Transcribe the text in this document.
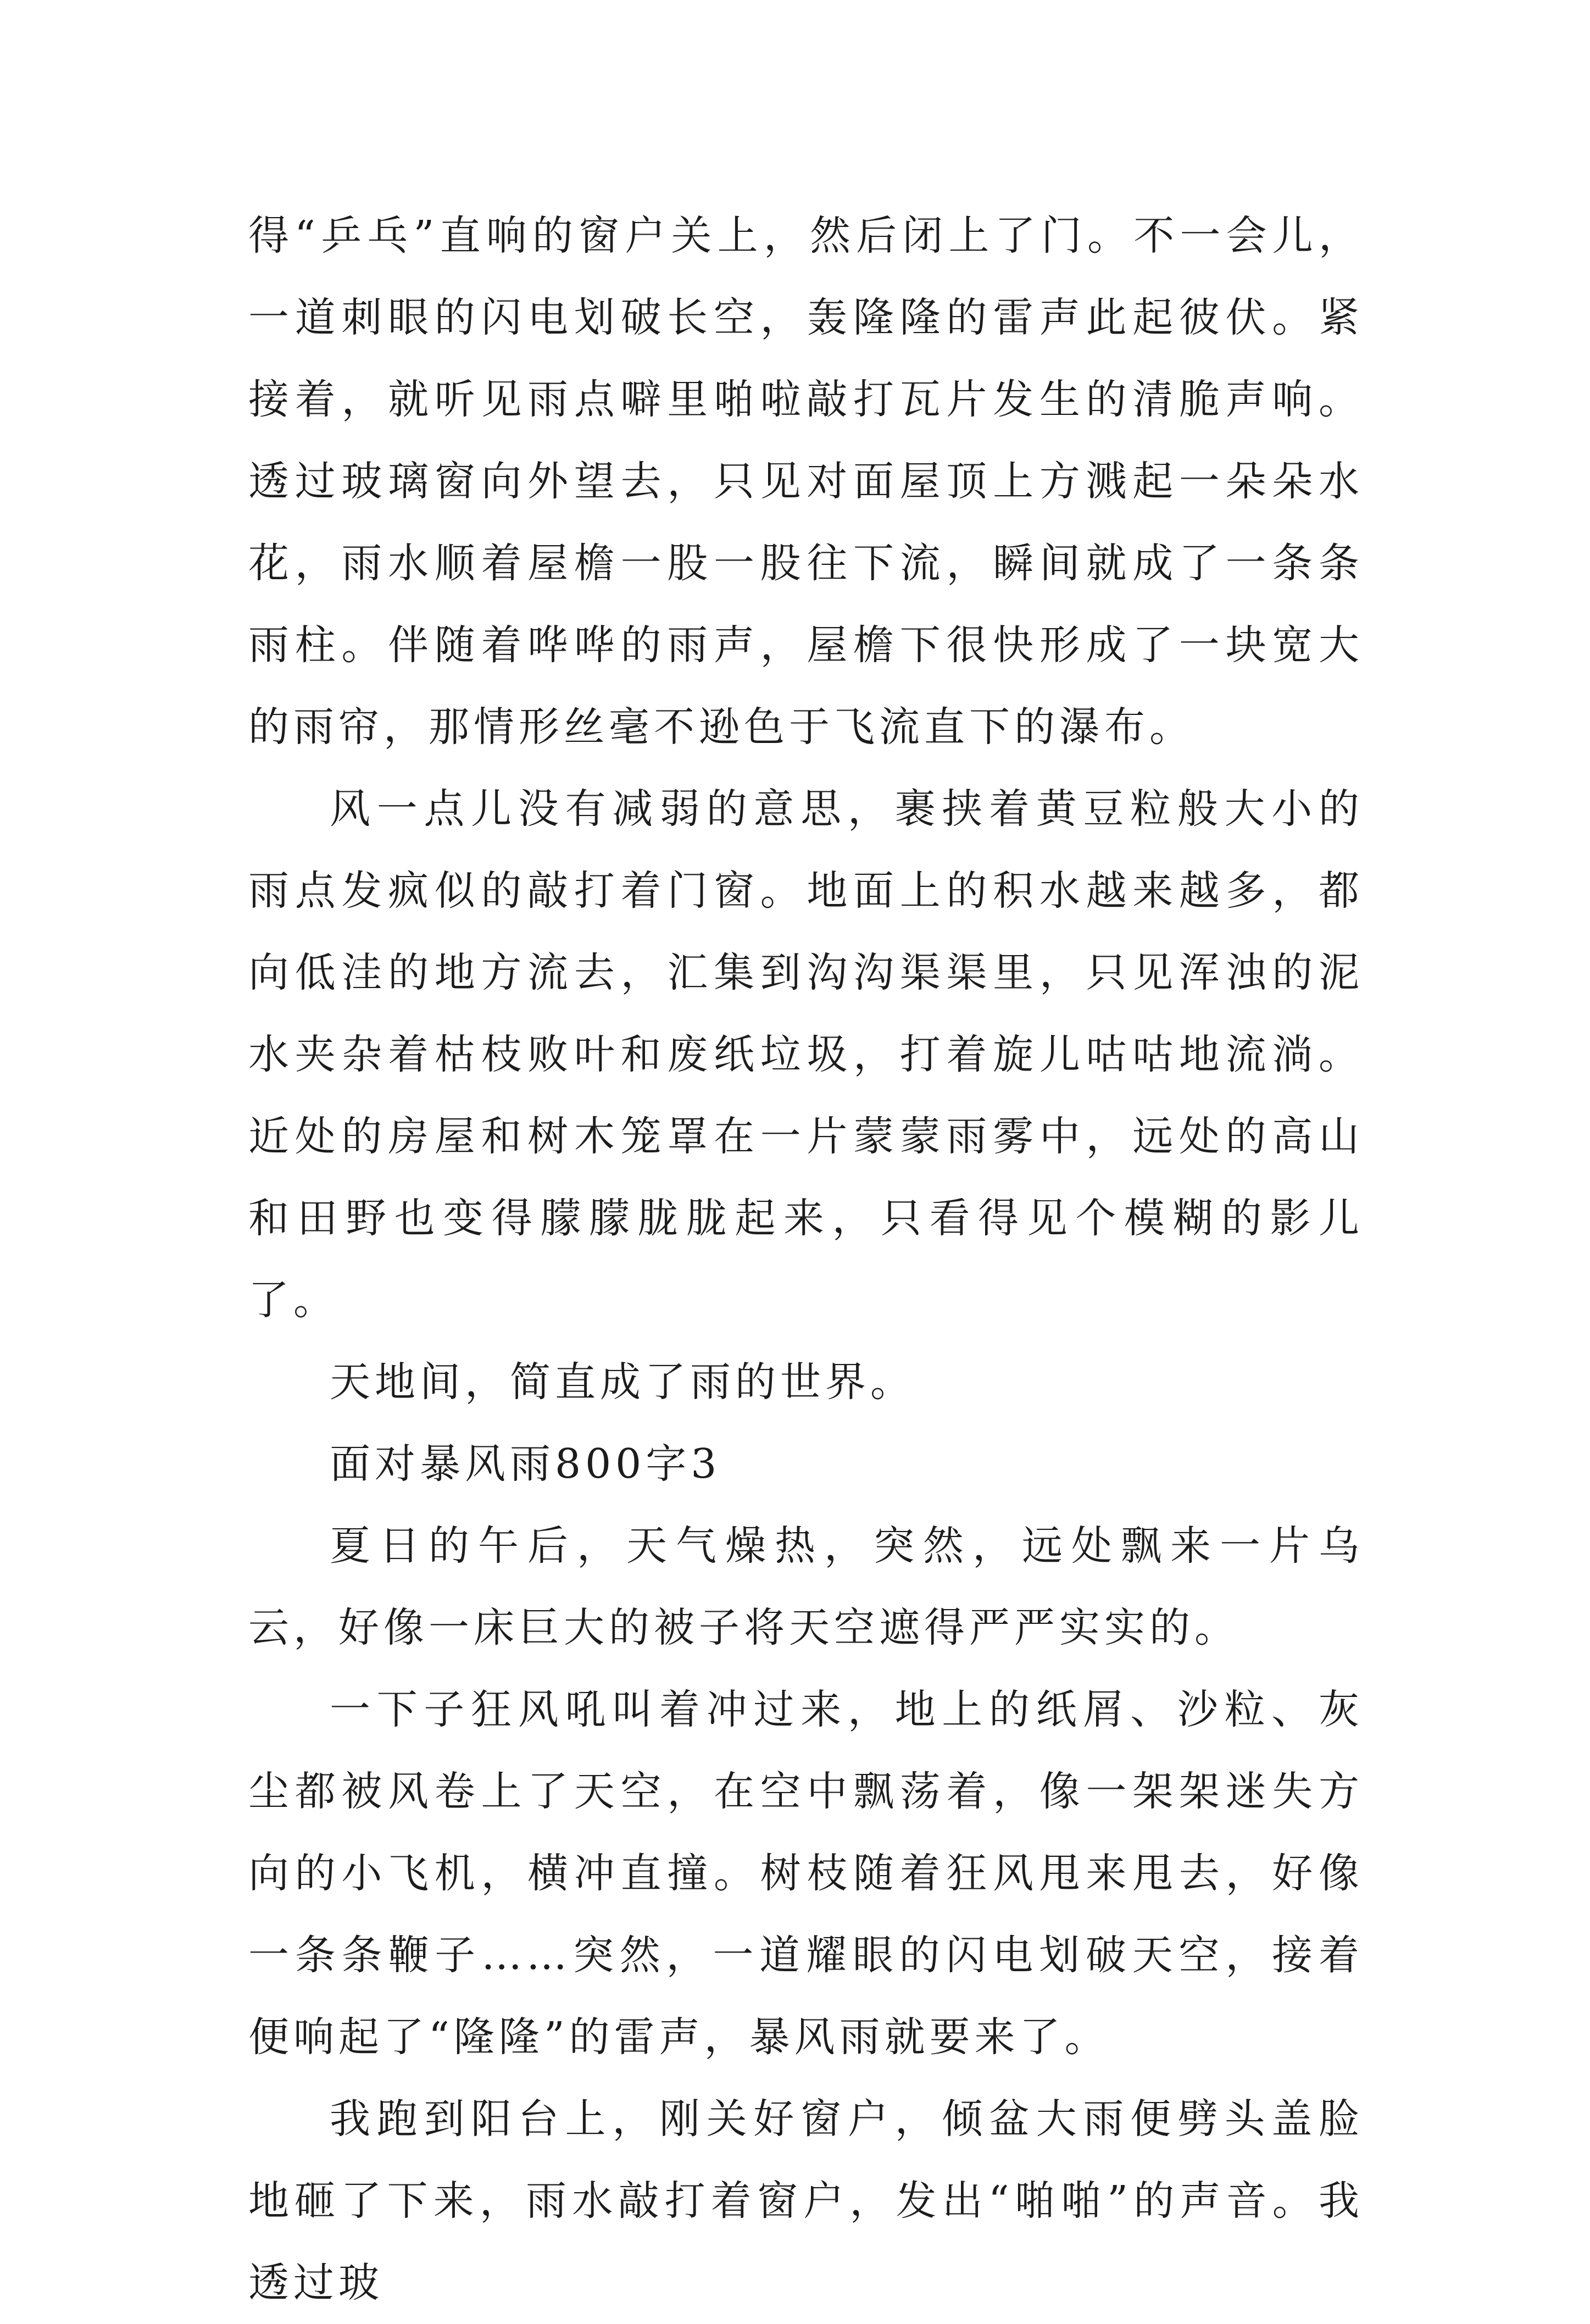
得“乒乓”直响的窗户关上，然后闭上了门。不一会儿，一道刺眼的闪电划破长空，轰隆隆的雷声此起彼伏。紧接着，就听见雨点噼里啪啦敲打瓦片发生的清脆声响。透过玻璃窗向外望去，只见对面屋顶上方溅起一朵朵水花，雨水顺着屋檐一股一股往下流，瞬间就成了一条条雨柱。伴随着哗哗的雨声，屋檐下很快形成了一块宽大的雨帘，那情形丝毫不逊色于飞流直下的瀑布。

风一点儿没有减弱的意思，裹挟着黄豆粒般大小的雨点发疯似的敲打着门窗。地面上的积水越来越多，都向低洼的地方流去，汇集到沟沟渠渠里，只见浑浊的泥水夹杂着枯枝败叶和废纸垃圾，打着旋儿咕咕地流淌。近处的房屋和树木笼罩在一片蒙蒙雨雾中，远处的高山和田野也变得朦朦胧胧起来，只看得见个模糊的影儿了。

天地间，简直成了雨的世界。

面对暴风雨800字3

夏日的午后，天气燥热，突然，远处飘来一片乌云，好像一床巨大的被子将天空遮得严严实实的。

一下子狂风吼叫着冲过来，地上的纸屑、沙粒、灰尘都被风卷上了天空，在空中飘荡着，像一架架迷失方向的小飞机，横冲直撞。树枝随着狂风甩来甩去，好像一条条鞭子……突然，一道耀眼的闪电划破天空，接着便响起了“隆隆”的雷声，暴风雨就要来了。

我跑到阳台上，刚关好窗户，倾盆大雨便劈头盖脸地砸了下来，雨水敲打着窗户，发出“啪啪”的声音。我透过玻
